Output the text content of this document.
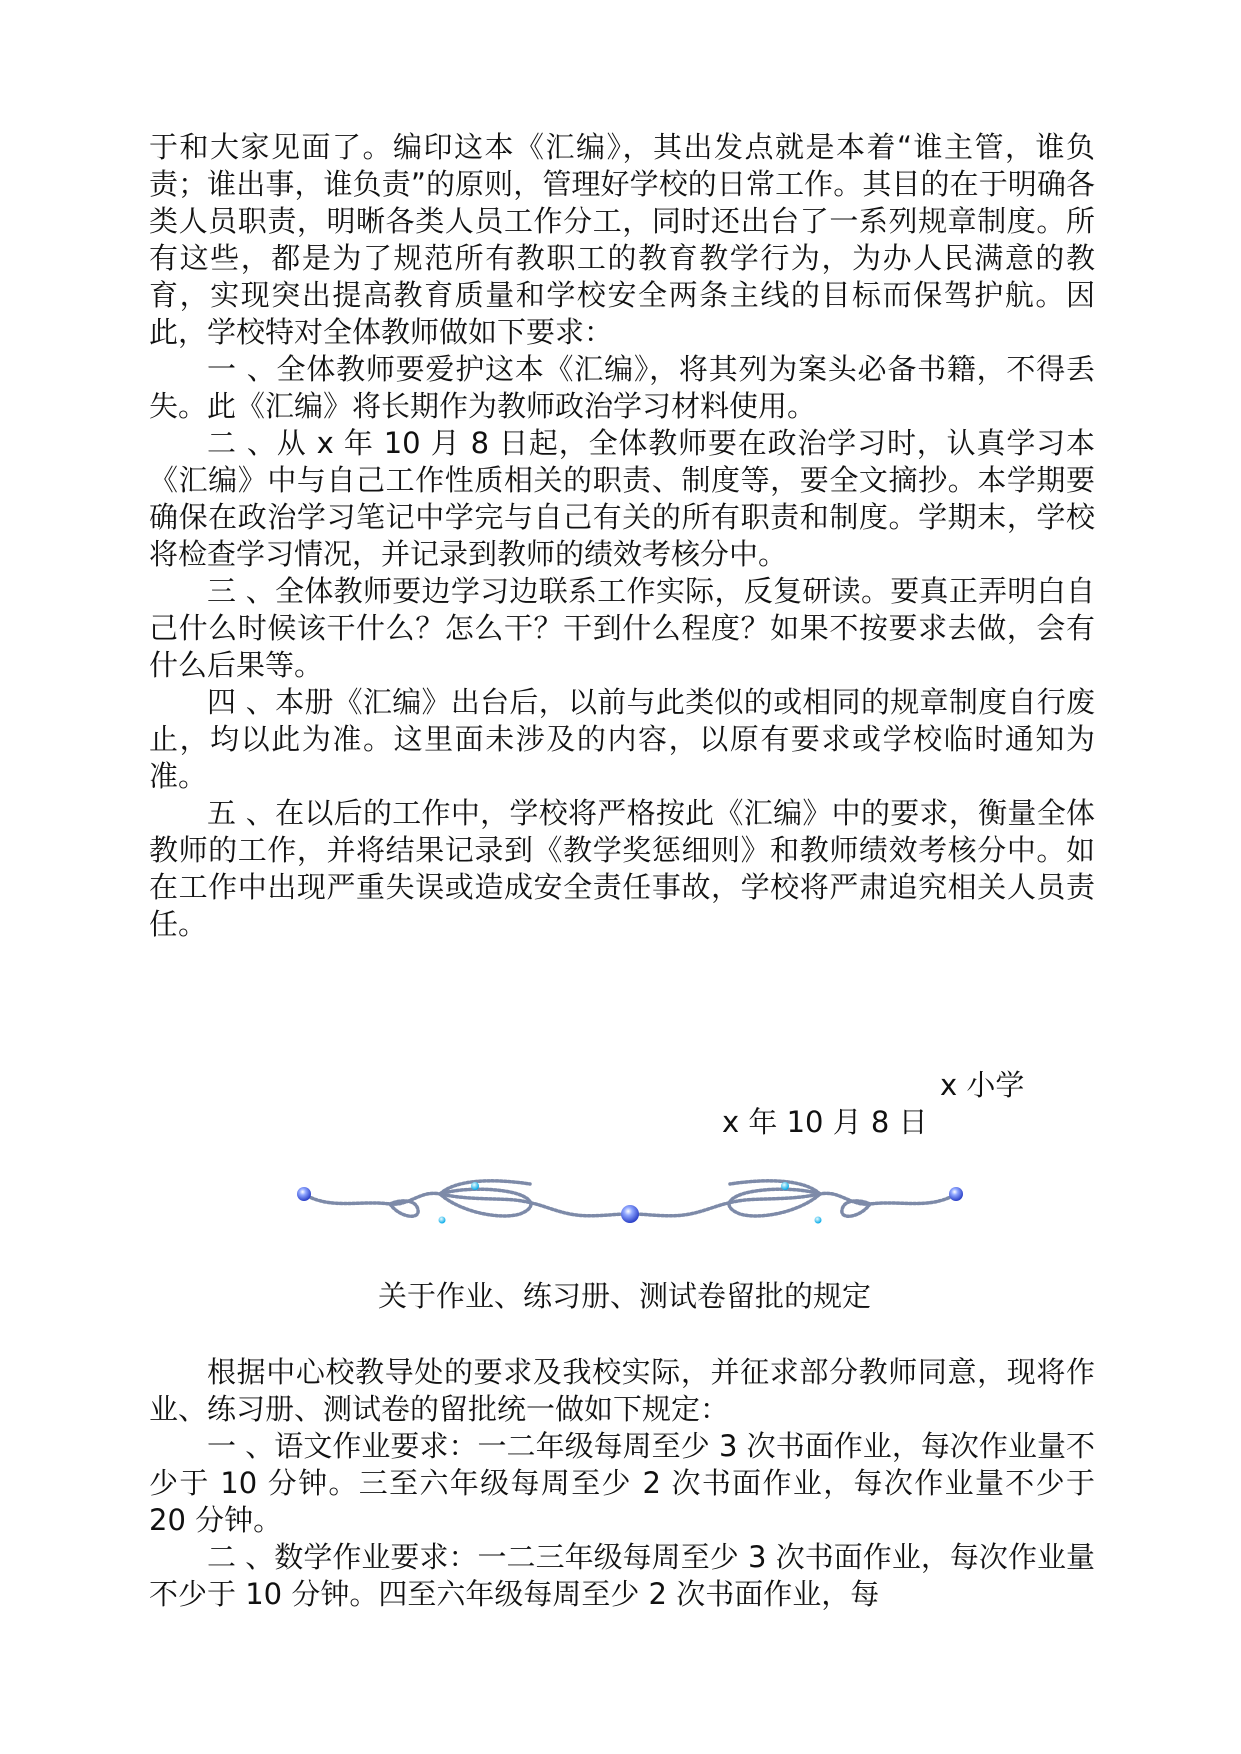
于和大家见面了。编印这本《汇编》，其出发点就是本着“谁主管，谁负责；谁出事，谁负责”的原则，管理好学校的日常工作。其目的在于明确各类人员职责，明晰各类人员工作分工，同时还出台了一系列规章制度。所有这些，都是为了规范所有教职工的教育教学行为，为办人民满意的教育，实现突出提高教育质量和学校安全两条主线的目标而保驾护航。因此，学校特对全体教师做如下要求：

一 、全体教师要爱护这本《汇编》，将其列为案头必备书籍，不得丢失。此《汇编》将长期作为教师政治学习材料使用。

二 、从 x 年 10 月 8 日起，全体教师要在政治学习时，认真学习本《汇编》中与自己工作性质相关的职责、制度等，要全文摘抄。本学期要确保在政治学习笔记中学完与自己有关的所有职责和制度。学期末，学校将检查学习情况，并记录到教师的绩效考核分中。

三 、全体教师要边学习边联系工作实际，反复研读。要真正弄明白自己什么时候该干什么？怎么干？干到什么程度？如果不按要求去做，会有什么后果等。

四 、本册《汇编》出台后，以前与此类似的或相同的规章制度自行废止，均以此为准。这里面未涉及的内容，以原有要求或学校临时通知为准。

五 、在以后的工作中，学校将严格按此《汇编》中的要求，衡量全体教师的工作，并将结果记录到《教学奖惩细则》和教师绩效考核分中。如在工作中出现严重失误或造成安全责任事故，学校将严肃追究相关人员责任。

x 小学
x 年 10 月 8 日
关于作业、练习册、测试卷留批的规定

根据中心校教导处的要求及我校实际，并征求部分教师同意，现将作业、练习册、测试卷的留批统一做如下规定：

一 、语文作业要求：一二年级每周至少 3 次书面作业，每次作业量不少于 10 分钟。三至六年级每周至少 2 次书面作业，每次作业量不少于 20 分钟。

二 、数学作业要求：一二三年级每周至少 3 次书面作业，每次作业量不少于 10 分钟。四至六年级每周至少 2 次书面作业，每
